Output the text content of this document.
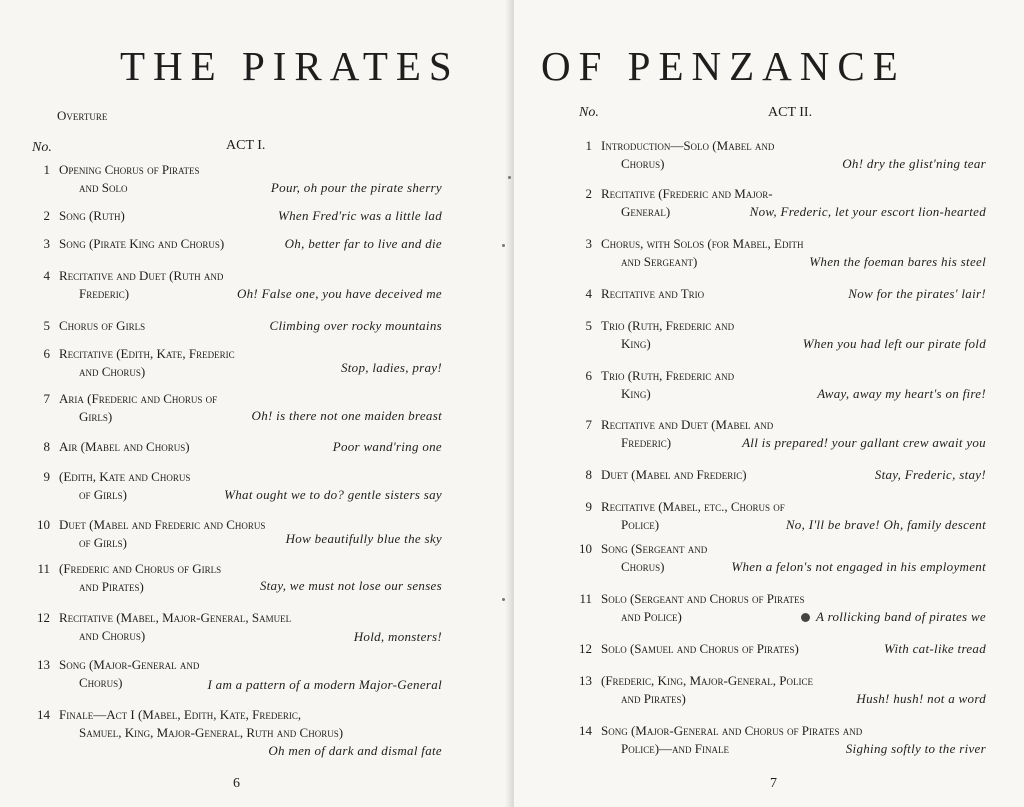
THE PIRATES
Overture
No.	ACT I.
1 Opening Chorus of Pirates
and Solo	Pour, oh pour the pirate sherry
2 Song (Ruth)	When Fred'ric was a little lad
3 Song (Pirate King and Chorus)	Oh, better far to live and die
4 Recitative and Duet (Ruth and
Frederic)	Oh! False one, you have deceived me
5 Chorus of Girls	Climbing over rocky mountains
6 Recitative (Edith, Kate, Frederic
and Chorus)	Stop, ladies, pray!
7 Aria (Frederic and Chorus of
Girls)	Oh! is there not one maiden breast
8 Air (Mabel and Chorus)	Poor wand'ring one
9 (Edith, Kate and Chorus
of Girls)	What ought we to do? gentle sisters say
10 Duet (Mabel and Frederic and Chorus
of Girls)	How beautifully blue the sky
11 (Frederic and Chorus of Girls
and Pirates)	Stay, we must not lose our senses
12 Recitative (Mabel, Major-General, Samuel
and Chorus)	Hold, monsters!
13 Song (Major-General and
Chorus)	I am a pattern of a modern Major-General
14 Finale—Act I (Mabel, Edith, Kate, Frederic,
Samuel, King, Major-General, Ruth and Chorus)
Oh men of dark and dismal fate
6
OF PENZANCE
No.	ACT II.
1 Introduction—Solo (Mabel and
Chorus)	Oh! dry the glist'ning tear
2 Recitative (Frederic and Major-
General)	Now, Frederic, let your escort lion-hearted
3 Chorus, with Solos (for Mabel, Edith
and Sergeant)	When the foeman bares his steel
4 Recitative and Trio	Now for the pirates' lair!
5 Trio (Ruth, Frederic and
King)	When you had left our pirate fold
6 Trio (Ruth, Frederic and
King)	Away, away my heart's on fire!
7 Recitative and Duet (Mabel and
Frederic)	All is prepared! your gallant crew await you
8 Duet (Mabel and Frederic)	Stay, Frederic, stay!
9 Recitative (Mabel, etc., Chorus of
Police)	No, I'll be brave! Oh, family descent
10 Song (Sergeant and
Chorus)	When a felon's not engaged in his employment
11 Solo (Sergeant and Chorus of Pirates
and Police)	A rollicking band of pirates we
12 Solo (Samuel and Chorus of Pirates)	With cat-like tread
13 (Frederic, King, Major-General, Police
and Pirates)	Hush! hush! not a word
14 Song (Major-General and Chorus of Pirates and
Police)—and Finale	Sighing softly to the river
7
